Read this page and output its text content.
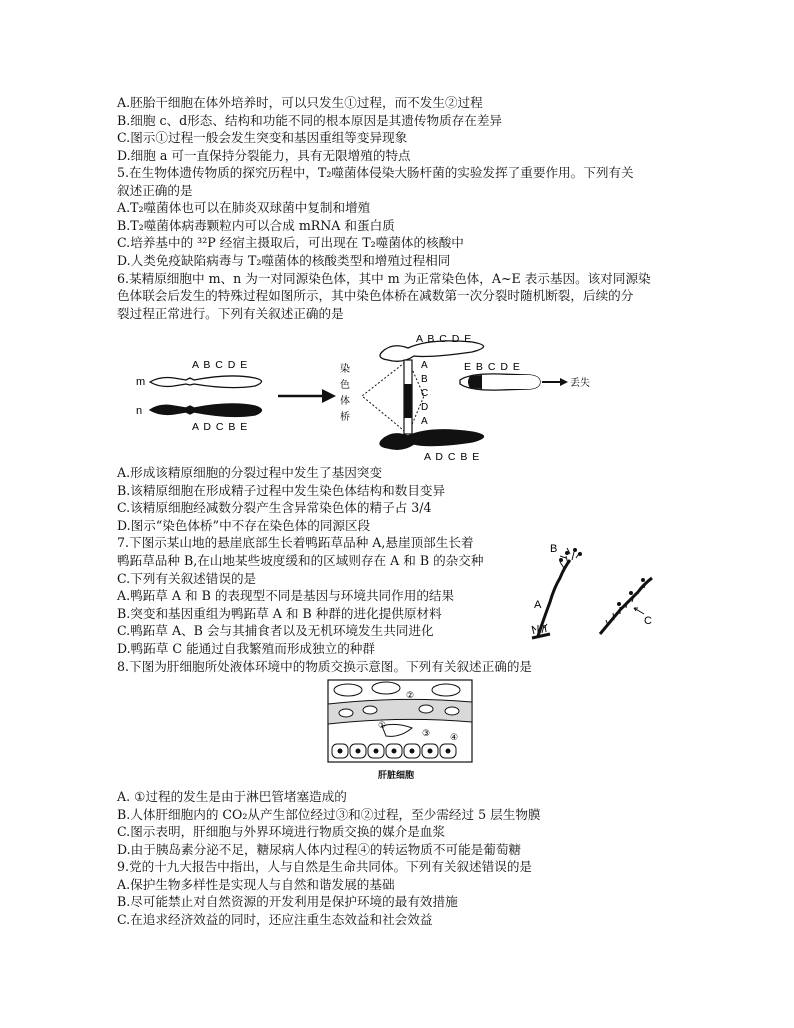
A.胚胎干细胞在体外培养时，可以只发生①过程，而不发生②过程
B.细胞 c、d形态、结构和功能不同的根本原因是其遗传物质存在差异
C.图示①过程一般会发生突变和基因重组等变异现象
D.细胞 a 可一直保持分裂能力，具有无限增殖的特点
5.在生物体遗传物质的探究历程中，T₂噬菌体侵染大肠杆菌的实验发挥了重要作用。下列有关
叙述正确的是
A.T₂噬菌体也可以在肺炎双球菌中复制和增殖
B.T₂噬菌体病毒颗粒内可以合成 mRNA 和蛋白质
C.培养基中的 ³²P 经宿主摄取后，可出现在 T₂噬菌体的核酸中
D.人类免疫缺陷病毒与 T₂噬菌体的核酸类型和增殖过程相同
6.某精原细胞中 m、n 为一对同源染色体，其中 m 为正常染色体，A~E 表示基因。该对同源染
色体联会后发生的特殊过程如图所示，其中染色体桥在减数第一次分裂时随机断裂，后续的分
裂过程正常进行。下列有关叙述正确的是
m
A B C D E
n
A D C B E
染
色
体
桥
A B C D E
A
B
C
D
A
A D C B E
E B C D E
丢失
A.形成该精原细胞的分裂过程中发生了基因突变
B.该精原细胞在形成精子过程中发生染色体结构和数目变异
C.该精原细胞经减数分裂产生含异常染色体的精子占 3/4
D.图示“染色体桥”中不存在染色体的同源区段
7.下图示某山地的悬崖底部生长着鸭跖草品种 A,悬崖顶部生长着
鸭跖草品种 B,在山地某些坡度缓和的区域则存在 A 和 B 的杂交种
C.下列有关叙述错误的是
A.鸭跖草 A 和 B 的表现型不同是基因与环境共同作用的结果
B.突变和基因重组为鸭跖草 A 和 B 种群的进化提供原材料
C.鸭跖草 A、B 会与其捕食者以及无机环境发生共同进化
D.鸭跖草 C 能通过自我繁殖而形成独立的种群
A
B
C
8.下图为肝细胞所处液体环境中的物质交换示意图。下列有关叙述正确的是
①
②
③ ④
肝脏细胞
A. ①过程的发生是由于淋巴管堵塞造成的
B.人体肝细胞内的 CO₂从产生部位经过③和②过程，至少需经过 5 层生物膜
C.图示表明，肝细胞与外界环境进行物质交换的媒介是血浆
D.由于胰岛素分泌不足，糖尿病人体内过程④的转运物质不可能是葡萄糖
9.党的十九大报告中指出，人与自然是生命共同体。下列有关叙述错误的是
A.保护生物多样性是实现人与自然和谐发展的基础
B.尽可能禁止对自然资源的开发利用是保护环境的最有效措施
C.在追求经济效益的同时，还应注重生态效益和社会效益
